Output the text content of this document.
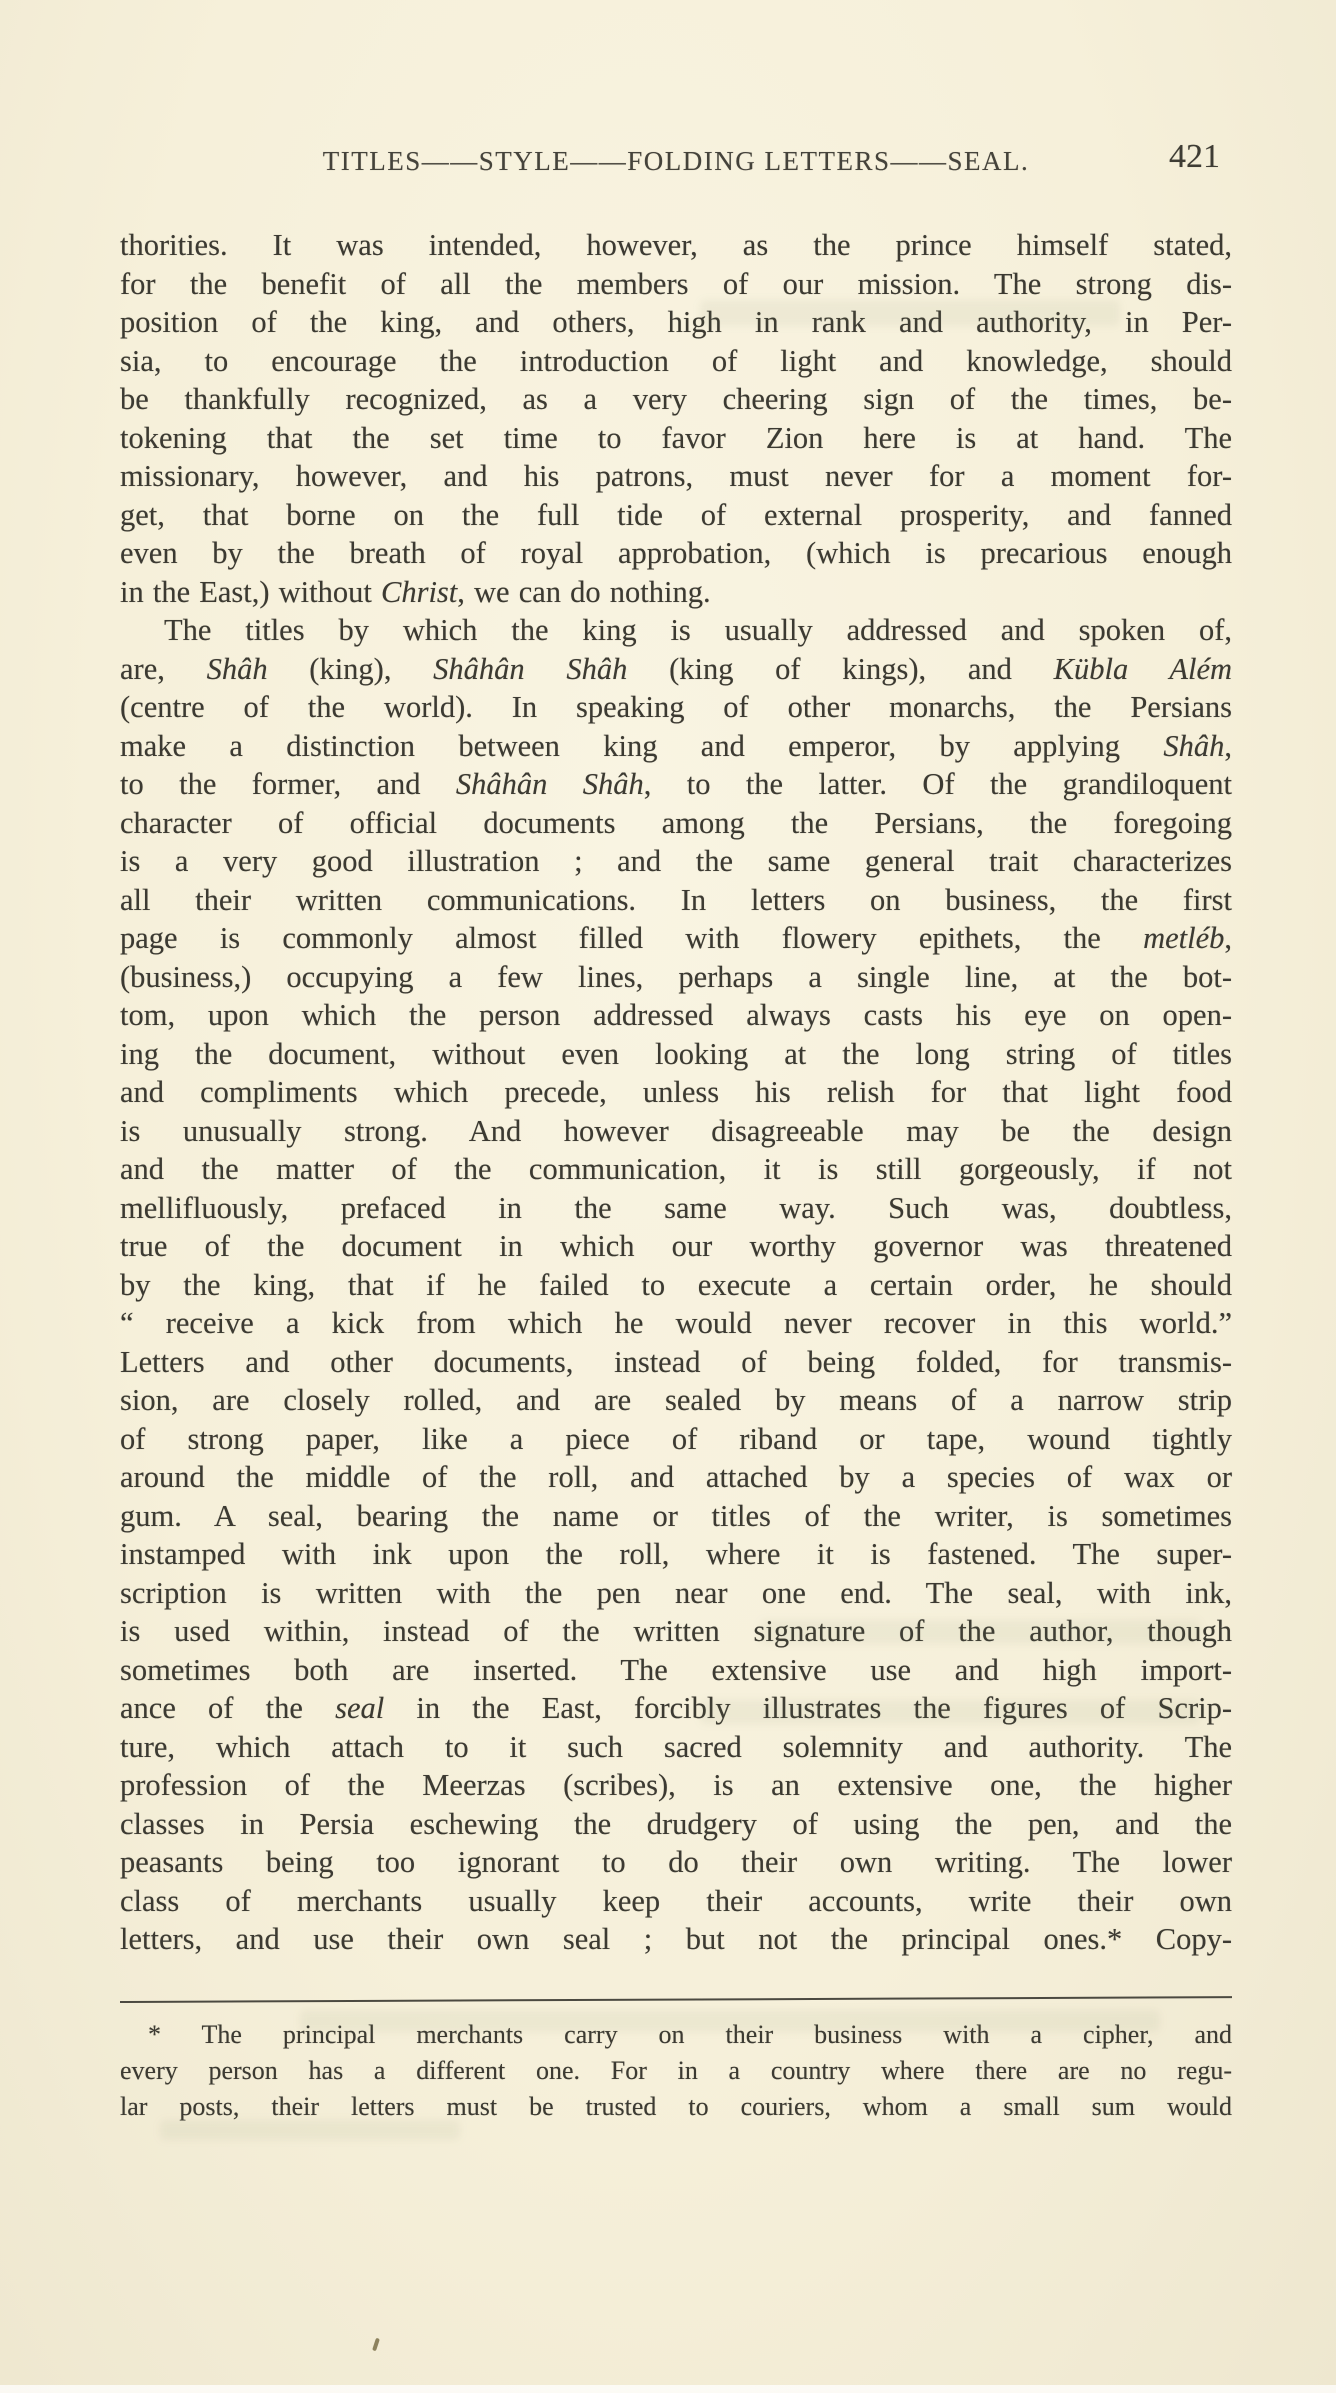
TITLES——STYLE——FOLDING LETTERS——SEAL.	421
thorities. It was intended, however, as the prince himself stated,
for the benefit of all the members of our mission. The strong dis-
position of the king, and others, high in rank and authority, in Per-
sia, to encourage the introduction of light and knowledge, should
be thankfully recognized, as a very cheering sign of the times, be-
tokening that the set time to favor Zion here is at hand. The
missionary, however, and his patrons, must never for a moment for-
get, that borne on the full tide of external prosperity, and fanned
even by the breath of royal approbation, (which is precarious enough
in the East,) without Christ, we can do nothing.
The titles by which the king is usually addressed and spoken of,
are, Shâh (king), Shâhân Shâh (king of kings), and Kübla Além
(centre of the world). In speaking of other monarchs, the Persians
make a distinction between king and emperor, by applying Shâh,
to the former, and Shâhân Shâh, to the latter. Of the grandiloquent
character of official documents among the Persians, the foregoing
is a very good illustration ; and the same general trait characterizes
all their written communications. In letters on business, the first
page is commonly almost filled with flowery epithets, the metléb,
(business,) occupying a few lines, perhaps a single line, at the bot-
tom, upon which the person addressed always casts his eye on open-
ing the document, without even looking at the long string of titles
and compliments which precede, unless his relish for that light food
is unusually strong. And however disagreeable may be the design
and the matter of the communication, it is still gorgeously, if not
mellifluously, prefaced in the same way. Such was, doubtless,
true of the document in which our worthy governor was threatened
by the king, that if he failed to execute a certain order, he should
“ receive a kick from which he would never recover in this world.”
Letters and other documents, instead of being folded, for transmis-
sion, are closely rolled, and are sealed by means of a narrow strip
of strong paper, like a piece of riband or tape, wound tightly
around the middle of the roll, and attached by a species of wax or
gum. A seal, bearing the name or titles of the writer, is sometimes
instamped with ink upon the roll, where it is fastened. The super-
scription is written with the pen near one end. The seal, with ink,
is used within, instead of the written signature of the author, though
sometimes both are inserted. The extensive use and high import-
ance of the seal in the East, forcibly illustrates the figures of Scrip-
ture, which attach to it such sacred solemnity and authority. The
profession of the Meerzas (scribes), is an extensive one, the higher
classes in Persia eschewing the drudgery of using the pen, and the
peasants being too ignorant to do their own writing. The lower
class of merchants usually keep their accounts, write their own
letters, and use their own seal ; but not the principal ones.* Copy-
* The principal merchants carry on their business with a cipher, and
every person has a different one. For in a country where there are no regu-
lar posts, their letters must be trusted to couriers, whom a small sum would
